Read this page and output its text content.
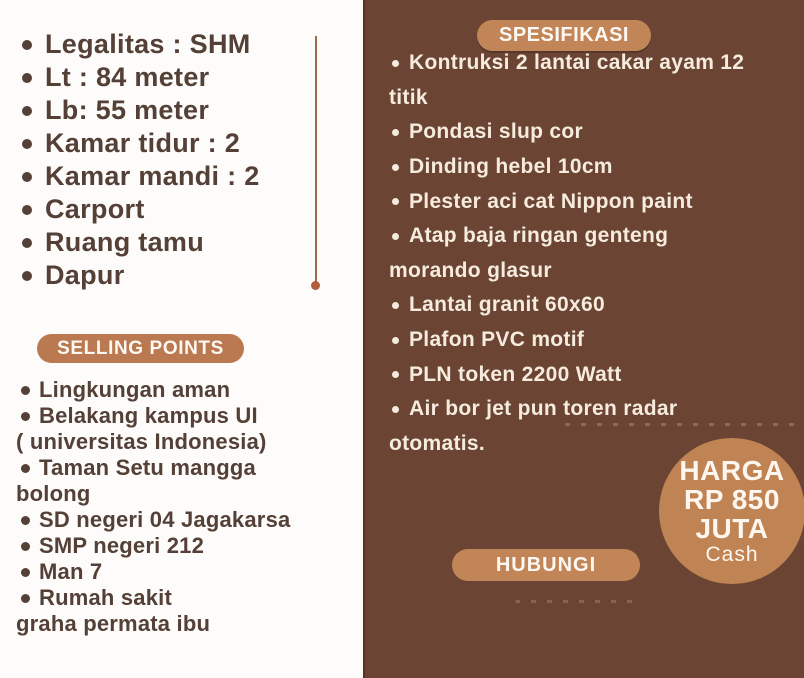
Legalitas : SHM
Lt : 84 meter
Lb: 55 meter
Kamar tidur : 2
Kamar mandi : 2
Carport
Ruang tamu
Dapur
SELLING POINTS
Lingkungan aman
Belakang kampus UI
( universitas Indonesia)
Taman Setu mangga
bolong
SD negeri 04 Jagakarsa
SMP negeri 212
Man 7
Rumah sakit
graha permata ibu
SPESIFIKASI
Kontruksi 2 lantai cakar ayam 12
titik
Pondasi slup cor
Dinding hebel 10cm
Plester aci cat Nippon paint
Atap baja ringan genteng
morando glasur
Lantai granit 60x60
Plafon PVC motif
PLN token 2200 Watt
Air bor jet pun toren radar
otomatis.
HUBUNGI
HARGA
RP 850
JUTA
Cash
